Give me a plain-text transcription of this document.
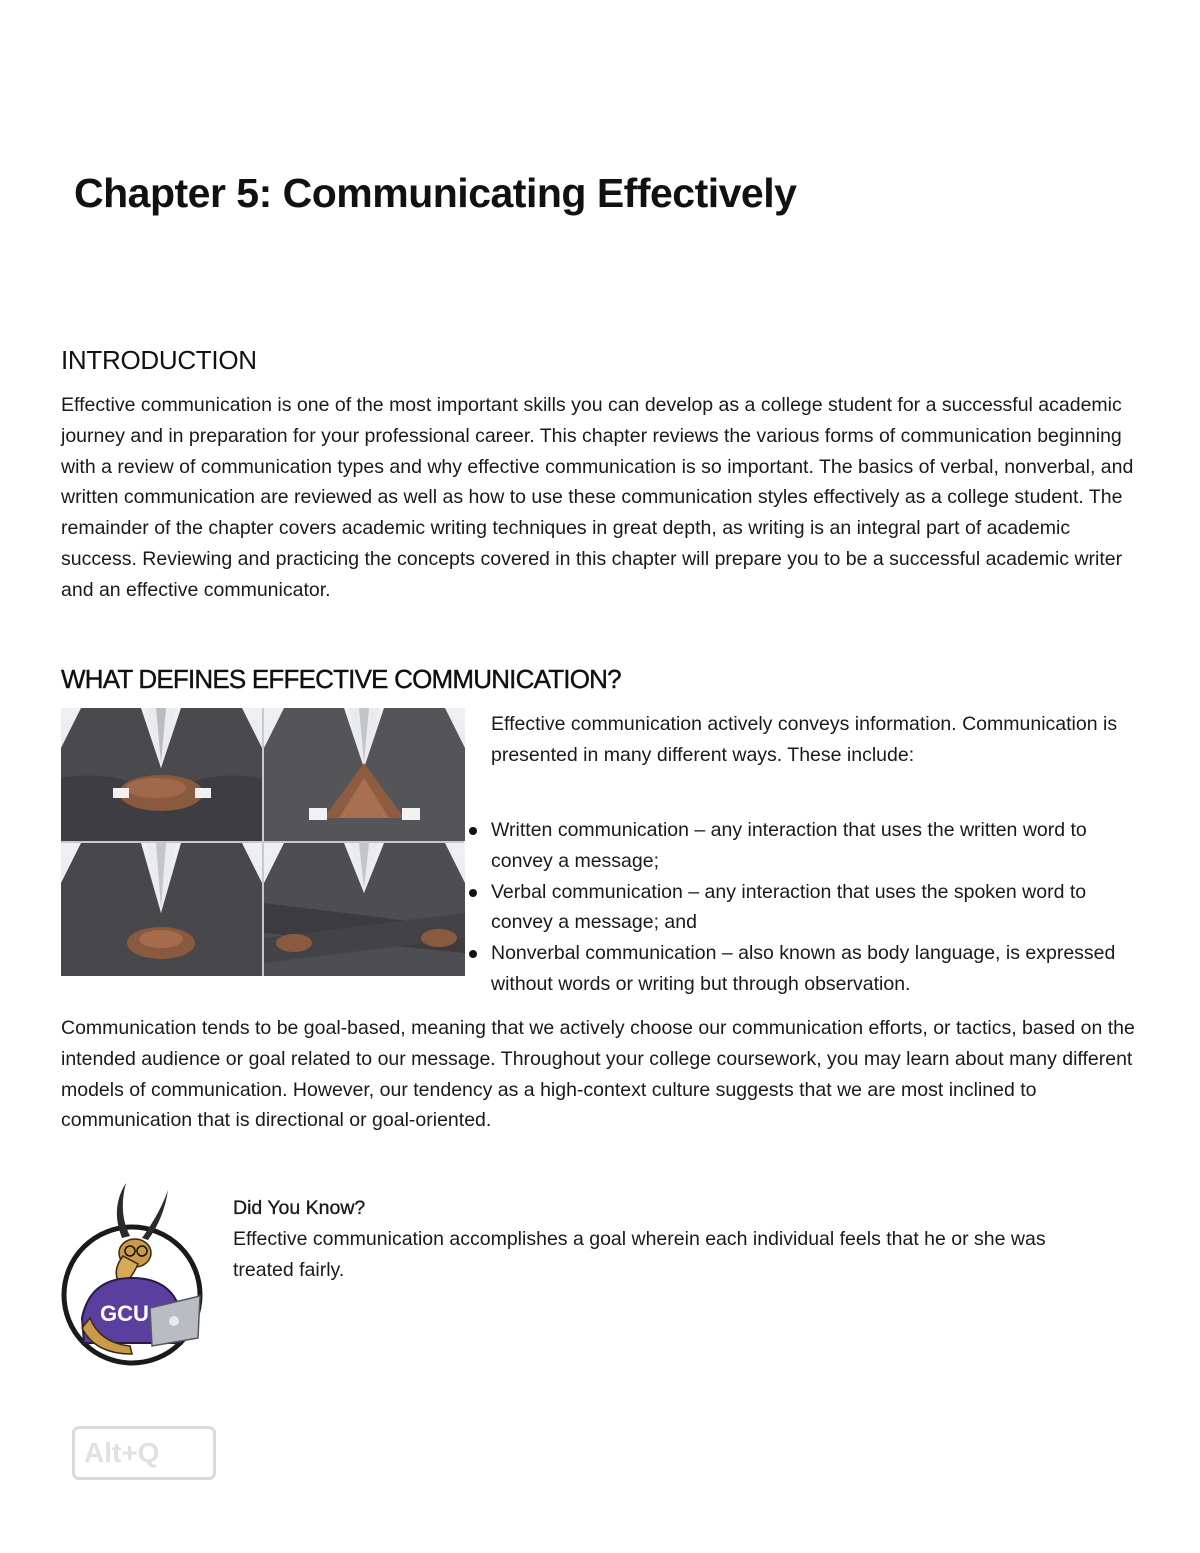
Chapter 5: Communicating Effectively
INTRODUCTION

Effective communication is one of the most important skills you can develop as a college student for a successful academic journey and in preparation for your professional career. This chapter reviews the various forms of communication beginning with a review of communication types and why effective communication is so important. The basics of verbal, nonverbal, and written communication are reviewed as well as how to use these communication styles effectively as a college student. The remainder of the chapter covers academic writing techniques in great depth, as writing is an integral part of academic success. Reviewing and practicing the concepts covered in this chapter will prepare you to be a successful academic writer and an effective communicator.

WHAT DEFINES EFFECTIVE COMMUNICATION?

Effective communication actively conveys information. Communication is presented in many different ways. These include:

Written communication – any interaction that uses the written word to convey a message;
Verbal communication – any interaction that uses the spoken word to convey a message; and
Nonverbal communication – also known as body language, is expressed without words or writing but through observation.

Communication tends to be goal-based, meaning that we actively choose our communication efforts, or tactics, based on the intended audience or goal related to our message. Throughout your college coursework, you may learn about many different models of communication. However, our tendency as a high-context culture suggests that we are most inclined to communication that is directional or goal-oriented.

GCU
Did You Know?
Effective communication accomplishes a goal wherein each individual feels that he or she was treated fairly.
Alt+Q
